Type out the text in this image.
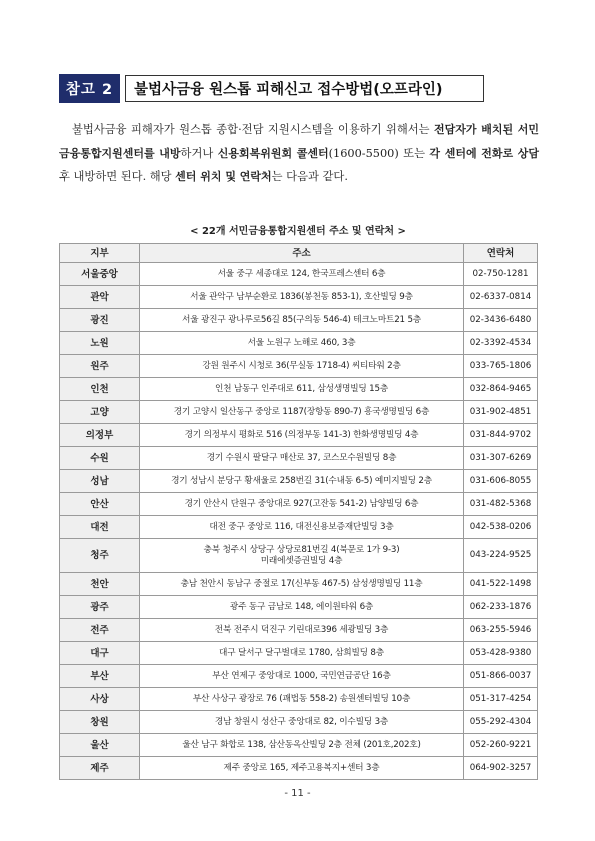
참고 2	불법사금융 원스톱 피해신고 접수방법(오프라인)
불법사금융 피해자가 원스톱 종합·전담 지원시스템을 이용하기 위해서는 전담자가 배치된 서민금융통합지원센터를 내방하거나 신용회복위원회 콜센터(1600-5500) 또는 각 센터에 전화로 상담 후 내방하면 된다. 해당 센터 위치 및 연락처는 다음과 같다.
< 22개 서민금융통합지원센터 주소 및 연락처 >
지부	주소	연락처
서울중앙	서울 중구 세종대로 124, 한국프레스센터 6층	02-750-1281
관악	서울 관악구 남부순환로 1836(봉천동 853-1), 호산빌딩 9층	02-6337-0814
광진	서울 광진구 광나루로56길 85(구의동 546-4) 테크노마트21 5층	02-3436-6480
노원	서울 노원구 노해로 460, 3층	02-3392-4534
원주	강원 원주시 시청로 36(무실동 1718-4) 씨티타워 2층	033-765-1806
인천	인천 남동구 인주대로 611, 삼성생명빌딩 15층	032-864-9465
고양	경기 고양시 일산동구 중앙로 1187(장항동 890-7) 흥국생명빌딩 6층	031-902-4851
의정부	경기 의정부시 평화로 516 (의정부동 141-3) 한화생명빌딩 4층	031-844-9702
수원	경기 수원시 팔달구 매산로 37, 코스모수원빌딩 8층	031-307-6269
성남	경기 성남시 분당구 황새울로 258번길 31(수내동 6-5) 예미지빌딩 2층	031-606-8055
안산	경기 안산시 단원구 중앙대로 927(고잔동 541-2) 남양빌딩 6층	031-482-5368
대전	대전 중구 중앙로 116, 대전신용보증재단빌딩 3층	042-538-0206
청주	충북 청주시 상당구 상당로81번길 4(북문로 1가 9-3)
미래에셋증권빌딩 4층	043-224-9525
천안	충남 천안시 동남구 중절로 17(신부동 467-5) 삼성생명빌딩 11층	041-522-1498
광주	광주 동구 금남로 148, 에이원타워 6층	062-233-1876
전주	전북 전주시 덕진구 기린대로396 세광빌딩 3층	063-255-5946
대구	대구 달서구 달구벌대로 1780, 삼희빌딩 8층	053-428-9380
부산	부산 연제구 중앙대로 1000, 국민연금공단 16층	051-866-0037
사상	부산 사상구 광장로 76 (괘법동 558-2) 송원센터빌딩 10층	051-317-4254
창원	경남 창원시 성산구 중앙대로 82, 이수빌딩 3층	055-292-4304
울산	울산 남구 화합로 138, 삼산동옥산빌딩 2층 전체 (201호,202호)	052-260-9221
제주	제주 중앙로 165, 제주고용복지+센터 3층	064-902-3257
- 11 -
